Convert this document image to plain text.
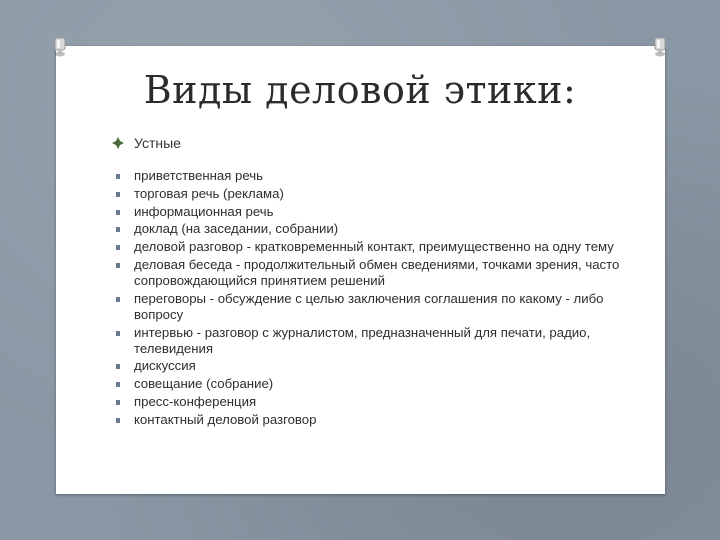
Виды деловой этики:
Устные
приветственная речь
торговая речь (реклама)
информационная речь
доклад (на заседании, собрании)
деловой разговор - кратковременный контакт, преимущественно на одну тему
деловая беседа - продолжительный обмен сведениями, точками зрения, часто сопровождающийся принятием решений
переговоры - обсуждение с целью заключения соглашения по какому - либо вопросу
интервью - разговор с журналистом, предназначенный для печати, радио, телевидения
дискуссия
совещание (собрание)
пресс-конференция
контактный деловой разговор
